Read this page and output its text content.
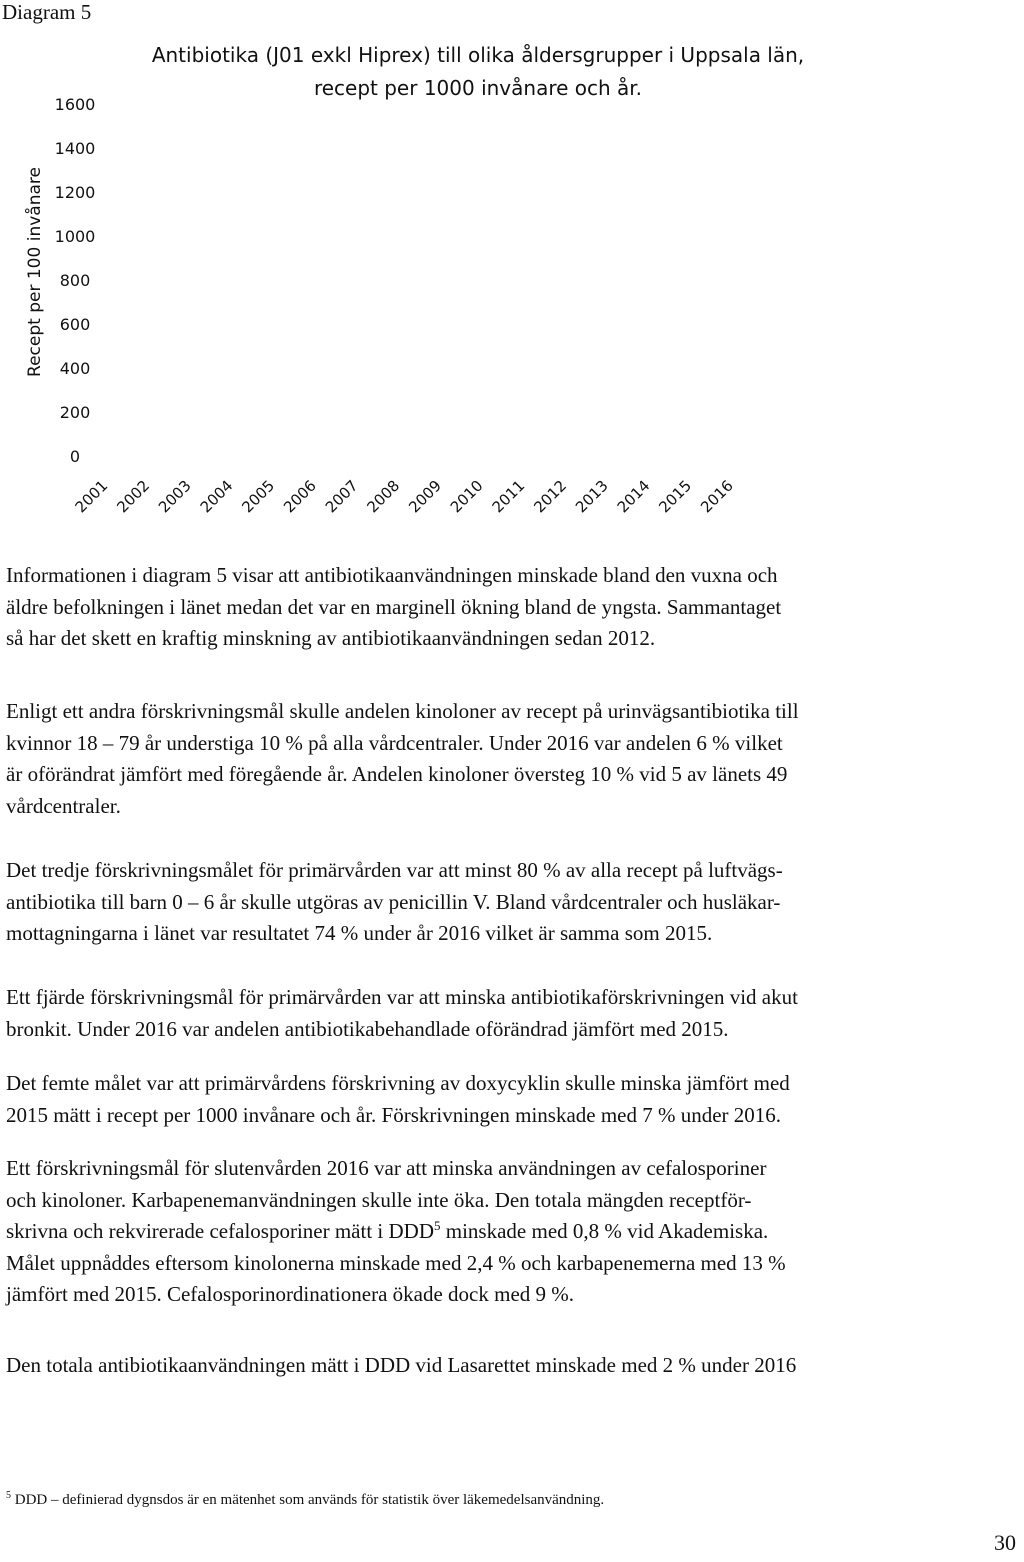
Diagram 5
Antibiotika (J01 exkl Hiprex) till olika åldersgrupper i Uppsala län,
recept per 1000 invånare och år.
Recept per 100 invånare
0
200
400
600
800
1000
1200
1400
1600
2001 2002 2003 2004 2005 2006 2007 2008 2009 2010 2011 2012 2013 2014 2015 2016

Informationen i diagram 5 visar att antibiotikaanvändningen minskade bland den vuxna och
äldre befolkningen i länet medan det var en marginell ökning bland de yngsta. Sammantaget
så har det skett en kraftig minskning av antibiotikaanvändningen sedan 2012.

Enligt ett andra förskrivningsmål skulle andelen kinoloner av recept på urinvägsantibiotika till
kvinnor 18 – 79 år understiga 10 % på alla vårdcentraler. Under 2016 var andelen 6 % vilket
är oförändrat jämfört med föregående år. Andelen kinoloner översteg 10 % vid 5 av länets 49
vårdcentraler.

Det tredje förskrivningsmålet för primärvården var att minst 80 % av alla recept på luftvägs-
antibiotika till barn 0 – 6 år skulle utgöras av penicillin V. Bland vårdcentraler och husläkar-
mottagningarna i länet var resultatet 74 % under år 2016 vilket är samma som 2015.

Ett fjärde förskrivningsmål för primärvården var att minska antibiotikaförskrivningen vid akut
bronkit. Under 2016 var andelen antibiotikabehandlade oförändrad jämfört med 2015.

Det femte målet var att primärvårdens förskrivning av doxycyklin skulle minska jämfört med
2015 mätt i recept per 1000 invånare och år. Förskrivningen minskade med 7 % under 2016.

Ett förskrivningsmål för slutenvården 2016 var att minska användningen av cefalosporiner
och kinoloner. Karbapenemanvändningen skulle inte öka. Den totala mängden receptför-
skrivna och rekvirerade cefalosporiner mätt i DDD$^5$ minskade med 0,8 % vid Akademiska.
Målet uppnåddes eftersom kinolonerna minskade med 2,4 % och karbapenemerna med 13 %
jämfört med 2015. Cefalosporinordinationera ökade dock med 9 %.

Den totala antibiotikaanvändningen mätt i DDD vid Lasarettet minskade med 2 % under 2016

$^5$ DDD – definierad dygnsdos är en mätenhet som används för statistik över läkemedelsanvändning.

30
